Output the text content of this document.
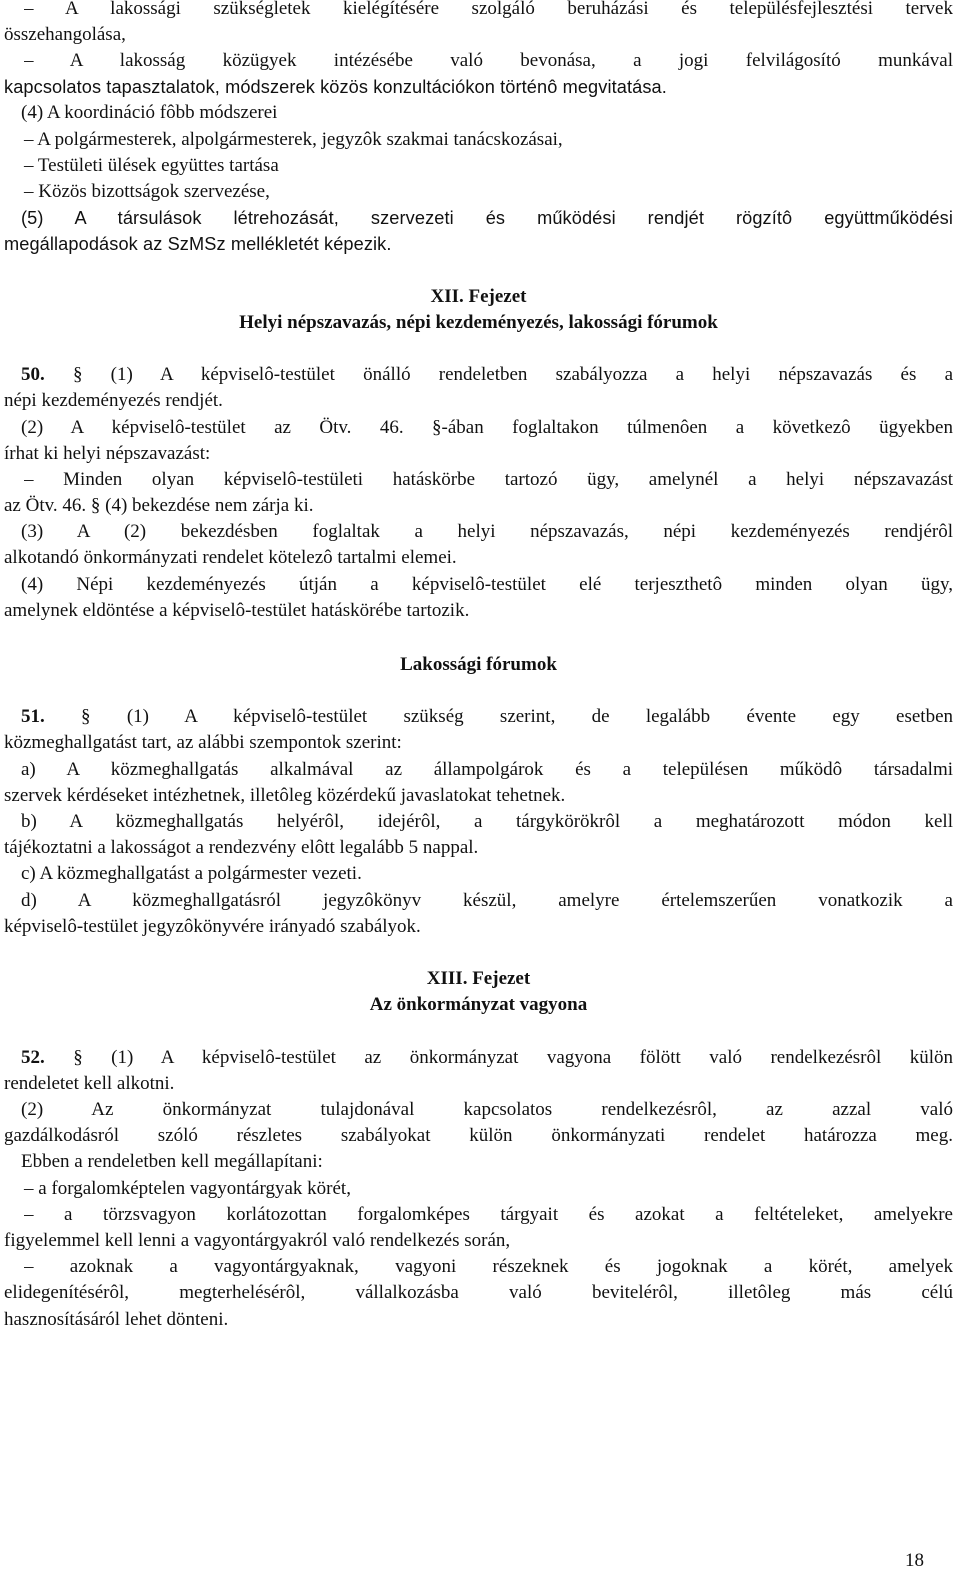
– A lakossági szükségletek kielégítésére szolgáló beruházási és településfejlesztési tervek
összehangolása,
– A lakosság közügyek intézésébe való bevonása, a jogi felvilágosító munkával
kapcsolatos tapasztalatok, módszerek közös konzultációkon történô megvitatása.
(4) A koordináció fôbb módszerei
– A polgármesterek, alpolgármesterek, jegyzôk szakmai tanácskozásai,
– Testületi ülések együttes tartása
– Közös bizottságok szervezése,
(5) A társulások létrehozását, szervezeti és működési rendjét rögzítô együttműködési
megállapodások az SzMSz mellékletét képezik.
XII. Fejezet
Helyi népszavazás, népi kezdeményezés, lakossági fórumok
50. § (1) A képviselô-testület önálló rendeletben szabályozza a helyi népszavazás és a
népi kezdeményezés rendjét.
(2) A képviselô-testület az Ötv. 46. §-ában foglaltakon túlmenôen a következô ügyekben
írhat ki helyi népszavazást:
– Minden olyan képviselô-testületi hatáskörbe tartozó ügy, amelynél a helyi népszavazást
az Ötv. 46. § (4) bekezdése nem zárja ki.
(3) A (2) bekezdésben foglaltak a helyi népszavazás, népi kezdeményezés rendjérôl
alkotandó önkormányzati rendelet kötelezô tartalmi elemei.
(4) Népi kezdeményezés útján a képviselô-testület elé terjeszthetô minden olyan ügy,
amelynek eldöntése a képviselô-testület hatáskörébe tartozik.
Lakossági fórumok
51. § (1) A képviselô-testület szükség szerint, de legalább évente egy esetben
közmeghallgatást tart, az alábbi szempontok szerint:
a) A közmeghallgatás alkalmával az állampolgárok és a településen működô társadalmi
szervek kérdéseket intézhetnek, illetôleg közérdekű javaslatokat tehetnek.
b) A közmeghallgatás helyérôl, idejérôl, a tárgykörökrôl a meghatározott módon kell
tájékoztatni a lakosságot a rendezvény elôtt legalább 5 nappal.
c) A közmeghallgatást a polgármester vezeti.
d) A közmeghallgatásról jegyzôkönyv készül, amelyre értelemszerűen vonatkozik a
képviselô-testület jegyzôkönyvére irányadó szabályok.
XIII. Fejezet
Az önkormányzat vagyona
52. § (1) A képviselô-testület az önkormányzat vagyona fölött való rendelkezésrôl külön
rendeletet kell alkotni.
(2) Az önkormányzat tulajdonával kapcsolatos rendelkezésrôl, az azzal való
gazdálkodásról szóló részletes szabályokat külön önkormányzati rendelet határozza meg.
Ebben a rendeletben kell megállapítani:
– a forgalomképtelen vagyontárgyak körét,
– a törzsvagyon korlátozottan forgalomképes tárgyait és azokat a feltételeket, amelyekre
figyelemmel kell lenni a vagyontárgyakról való rendelkezés során,
– azoknak a vagyontárgyaknak, vagyoni részeknek és jogoknak a körét, amelyek
elidegenítésérôl, megterhelésérôl, vállalkozásba való bevitelérôl, illetôleg más célú
hasznosításáról lehet dönteni.
18
